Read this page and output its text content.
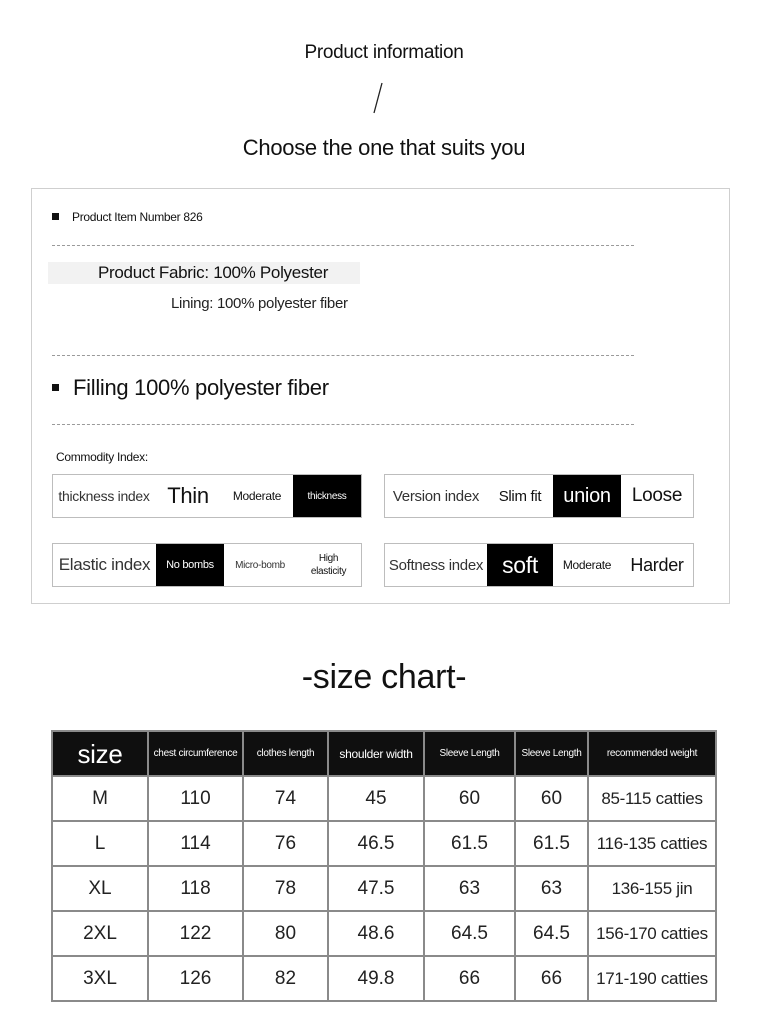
Product information
Choose the one that suits you
Product Item Number 826
Product Fabric: 100% Polyester
Lining: 100% polyester fiber
Filling 100% polyester fiber
Commodity Index:
thickness index Thin	Moderate	thickness	Version index	Slim fit	union	Loose
Elastic index	No bombs	Micro-bomb
High elasticity	Softness index soft	Moderate	Harder
-size chart-
size	chest circumference	clothes length	shoulder width	Sleeve Length	Sleeve Length	recommended weight
M	110	74	45	60	60	85-115 catties
L	114	76	46.5	61.5	61.5	116-135 catties
XL	118	78	47.5	63	63	136-155 jin
2XL	122	80	48.6	64.5	64.5	156-170 catties
3XL	126	82	49.8	66	66	171-190 catties
